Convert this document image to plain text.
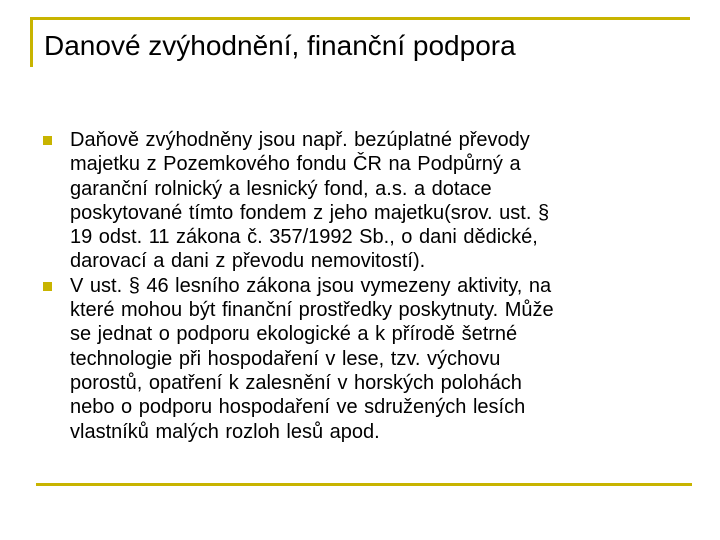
Danové zvýhodnění, finanční podpora
Daňově zvýhodněny jsou např. bezúplatné převody
majetku z Pozemkového fondu ČR na Podpůrný a
garanční rolnický a lesnický fond, a.s. a dotace
poskytované tímto fondem z jeho majetku(srov. ust. §
19 odst. 11 zákona č. 357/1992 Sb., o dani dědické,
darovací a dani z převodu nemovitostí).
V ust. § 46 lesního zákona jsou vymezeny aktivity, na
které mohou být finanční prostředky poskytnuty. Může
se jednat o podporu ekologické a k přírodě šetrné
technologie při hospodaření v lese, tzv. výchovu
porostů, opatření k zalesnění v horských polohách
nebo o podporu hospodaření ve sdružených lesích
vlastníků malých rozloh lesů apod.
